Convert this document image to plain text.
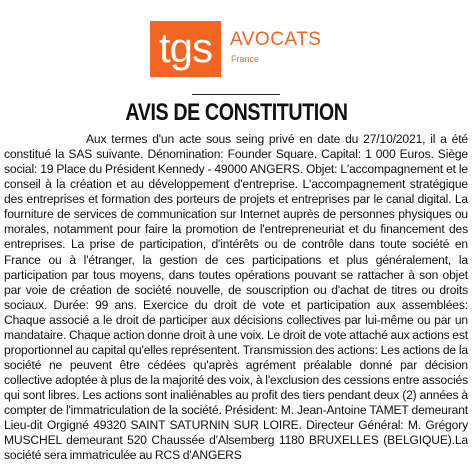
tgs AVOCATS
France
AVIS DE CONSTITUTION

Aux termes d'un acte sous seing privé en date du 27/10/2021, il a été constitué la SAS suivante. Dénomination: Founder Square. Capital: 1 000 Euros. Siège social: 19 Place du Président Kennedy - 49000 ANGERS. Objet: L'accompagnement et le conseil à la création et au développement d'entreprise. L'accompagnement stratégique des entreprises et formation des porteurs de projets et entreprises par le canal digital. La fourniture de services de communication sur Internet auprès de personnes physiques ou morales, notamment pour faire la promotion de l'entrepreneuriat et du financement des entreprises. La prise de participation, d'intérêts ou de contrôle dans toute société en France ou à l'étranger, la gestion de ces participations et plus généralement, la participation par tous moyens, dans toutes opérations pouvant se rattacher à son objet par voie de création de société nouvelle, de souscription ou d'achat de titres ou droits sociaux. Durée: 99 ans. Exercice du droit de vote et participation aux assemblées: Chaque associé a le droit de participer aux décisions collectives par lui-même ou par un mandataire. Chaque action donne droit à une voix. Le droit de vote attaché aux actions est proportionnel au capital qu'elles représentent. Transmission des actions: Les actions de la société ne peuvent être cédées qu'après agrément préalable donné par décision collective adoptée à plus de la majorité des voix, à l'exclusion des cessions entre associés qui sont libres. Les actions sont inaliénables au profit des tiers pendant deux (2) années à compter de l'immatriculation de la société. Président: M. Jean-Antoine TAMET demeurant Lieu-dit Orgigné 49320 SAINT SATURNIN SUR LOIRE. Directeur Général: M. Grégory MUSCHEL demeurant 520 Chaussée d'Alsemberg 1180 BRUXELLES (BELGIQUE).La société sera immatriculée au RCS d'ANGERS
